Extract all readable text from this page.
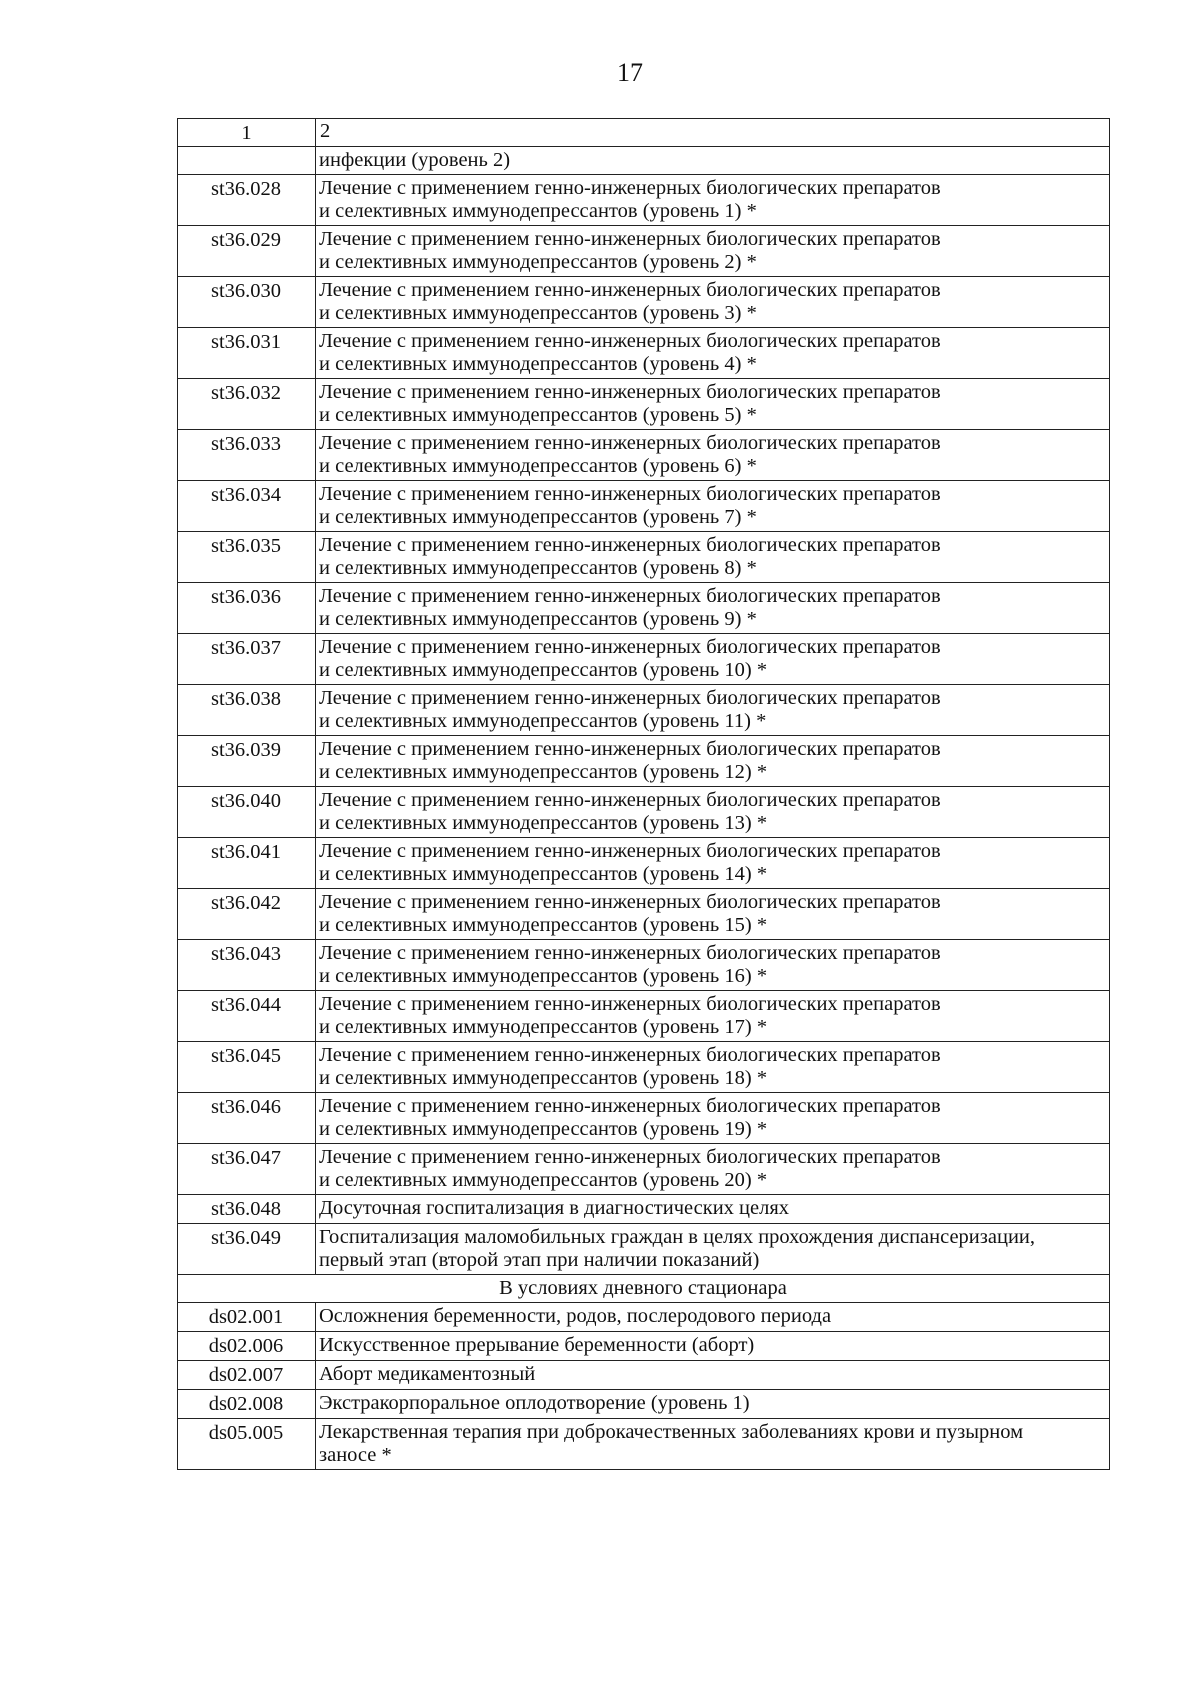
17
1	2
	инфекции (уровень 2)
st36.028	Лечение с применением генно-инженерных биологических препаратов
и селективных иммунодепрессантов (уровень 1) *

st36.029	Лечение с применением генно-инженерных биологических препаратов
и селективных иммунодепрессантов (уровень 2) *

st36.030	Лечение с применением генно-инженерных биологических препаратов
и селективных иммунодепрессантов (уровень 3) *

st36.031	Лечение с применением генно-инженерных биологических препаратов
и селективных иммунодепрессантов (уровень 4) *

st36.032	Лечение с применением генно-инженерных биологических препаратов
и селективных иммунодепрессантов (уровень 5) *

st36.033	Лечение с применением генно-инженерных биологических препаратов
и селективных иммунодепрессантов (уровень 6) *

st36.034	Лечение с применением генно-инженерных биологических препаратов
и селективных иммунодепрессантов (уровень 7) *

st36.035	Лечение с применением генно-инженерных биологических препаратов
и селективных иммунодепрессантов (уровень 8) *

st36.036	Лечение с применением генно-инженерных биологических препаратов
и селективных иммунодепрессантов (уровень 9) *

st36.037	Лечение с применением генно-инженерных биологических препаратов
и селективных иммунодепрессантов (уровень 10) *

st36.038	Лечение с применением генно-инженерных биологических препаратов
и селективных иммунодепрессантов (уровень 11) *

st36.039	Лечение с применением генно-инженерных биологических препаратов
и селективных иммунодепрессантов (уровень 12) *

st36.040	Лечение с применением генно-инженерных биологических препаратов
и селективных иммунодепрессантов (уровень 13) *

st36.041	Лечение с применением генно-инженерных биологических препаратов
и селективных иммунодепрессантов (уровень 14) *

st36.042	Лечение с применением генно-инженерных биологических препаратов
и селективных иммунодепрессантов (уровень 15) *

st36.043	Лечение с применением генно-инженерных биологических препаратов
и селективных иммунодепрессантов (уровень 16) *

st36.044	Лечение с применением генно-инженерных биологических препаратов
и селективных иммунодепрессантов (уровень 17) *

st36.045	Лечение с применением генно-инженерных биологических препаратов
и селективных иммунодепрессантов (уровень 18) *

st36.046	Лечение с применением генно-инженерных биологических препаратов
и селективных иммунодепрессантов (уровень 19) *

st36.047	Лечение с применением генно-инженерных биологических препаратов
и селективных иммунодепрессантов (уровень 20) *

st36.048	Досуточная госпитализация в диагностических целях
st36.049	Госпитализация маломобильных граждан в целях прохождения диспансеризации,
первый этап (второй этап при наличии показаний)

В условиях дневного стационара	
ds02.001	Осложнения беременности, родов, послеродового периода
ds02.006	Искусственное прерывание беременности (аборт)
ds02.007	Аборт медикаментозный
ds02.008	Экстракорпоральное оплодотворение (уровень 1)
ds05.005	Лекарственная терапия при доброкачественных заболеваниях крови и пузырном
заносе *
